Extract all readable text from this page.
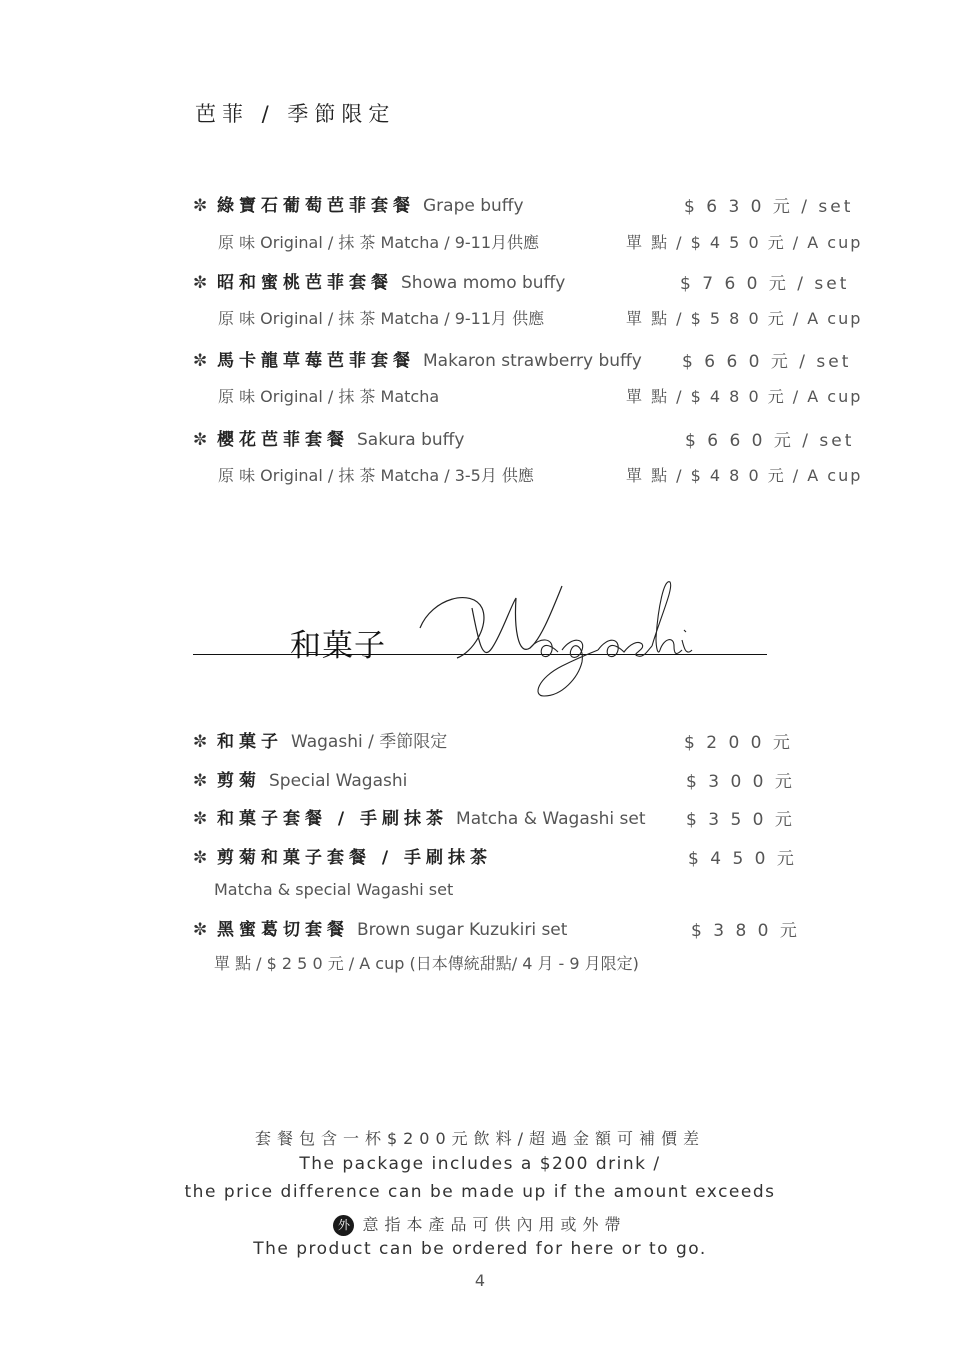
芭菲 / 季節限定
✼ 綠寶石葡萄芭菲套餐 Grape buffy	$ 6 3 0 元 / set
原 味 Original / 抹 茶 Matcha / 9-11月供應	單 點 / $ 4 5 0 元 / A cup
✼ 昭和蜜桃芭菲套餐 Showa momo buffy	$ 7 6 0 元 / set
原 味 Original / 抹 茶 Matcha / 9-11月 供應	單 點 / $ 5 8 0 元 / A cup
✼ 馬卡龍草莓芭菲套餐 Makaron strawberry buffy $ 6 6 0 元 / set
原 味 Original / 抹 茶 Matcha	單 點 / $ 4 8 0 元 / A cup
✼ 櫻花芭菲套餐 Sakura buffy	$ 6 6 0 元 / set
原 味 Original / 抹 茶 Matcha / 3-5月 供應	單 點 / $ 4 8 0 元 / A cup
和菓子
✼ 和菓子 Wagashi / 季節限定	$ 2 0 0 元
✼ 剪菊 Special Wagashi	$ 3 0 0 元
✼ 和菓子套餐 / 手刷抹茶 Matcha & Wagashi set $ 3 5 0 元
✼ 剪菊和菓子套餐 / 手刷抹茶	$ 4 5 0 元
Matcha & special Wagashi set
✼ 黑蜜葛切套餐 Brown sugar Kuzukiri set	$ 3 8 0 元
單 點 / $ 2 5 0 元 / A cup (日本傳統甜點/ 4 月 - 9 月限定)
套餐包含一杯$200元飲料/超過金額可補價差
The package includes a $200 drink /
the price difference can be made up if the amount exceeds
外 意指本產品可供內用或外帶
The product can be ordered for here or to go.
4
